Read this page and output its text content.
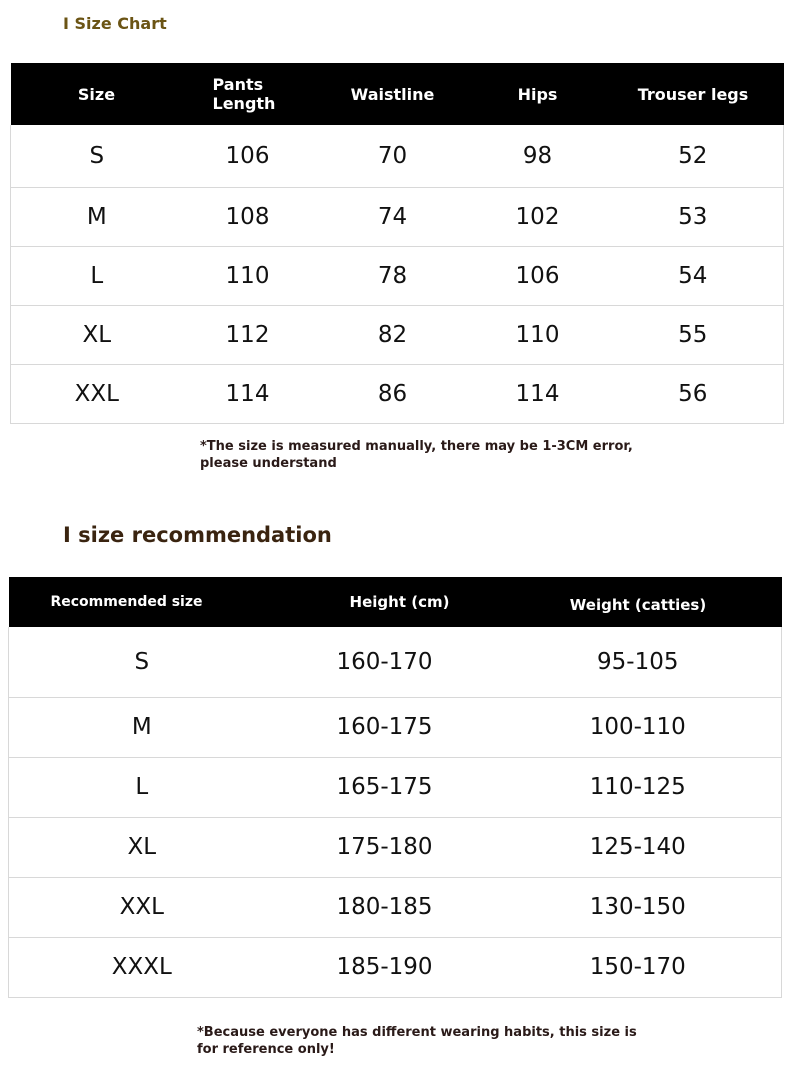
I Size Chart
Size	Pants Length	Waistline	Hips	Trouser legs
S	106	70	98	52
M	108	74	102	53
L	110	78	106	54
XL	112	82	110	55
XXL	114	86	114	56
*The size is measured manually, there may be 1-3CM error, please understand
I size recommendation
Recommended size	Height (cm)	Weight (catties)
S	160-170	95-105
M	160-175	100-110
L	165-175	110-125
XL	175-180	125-140
XXL	180-185	130-150
XXXL	185-190	150-170
*Because everyone has different wearing habits, this size is for reference only!
